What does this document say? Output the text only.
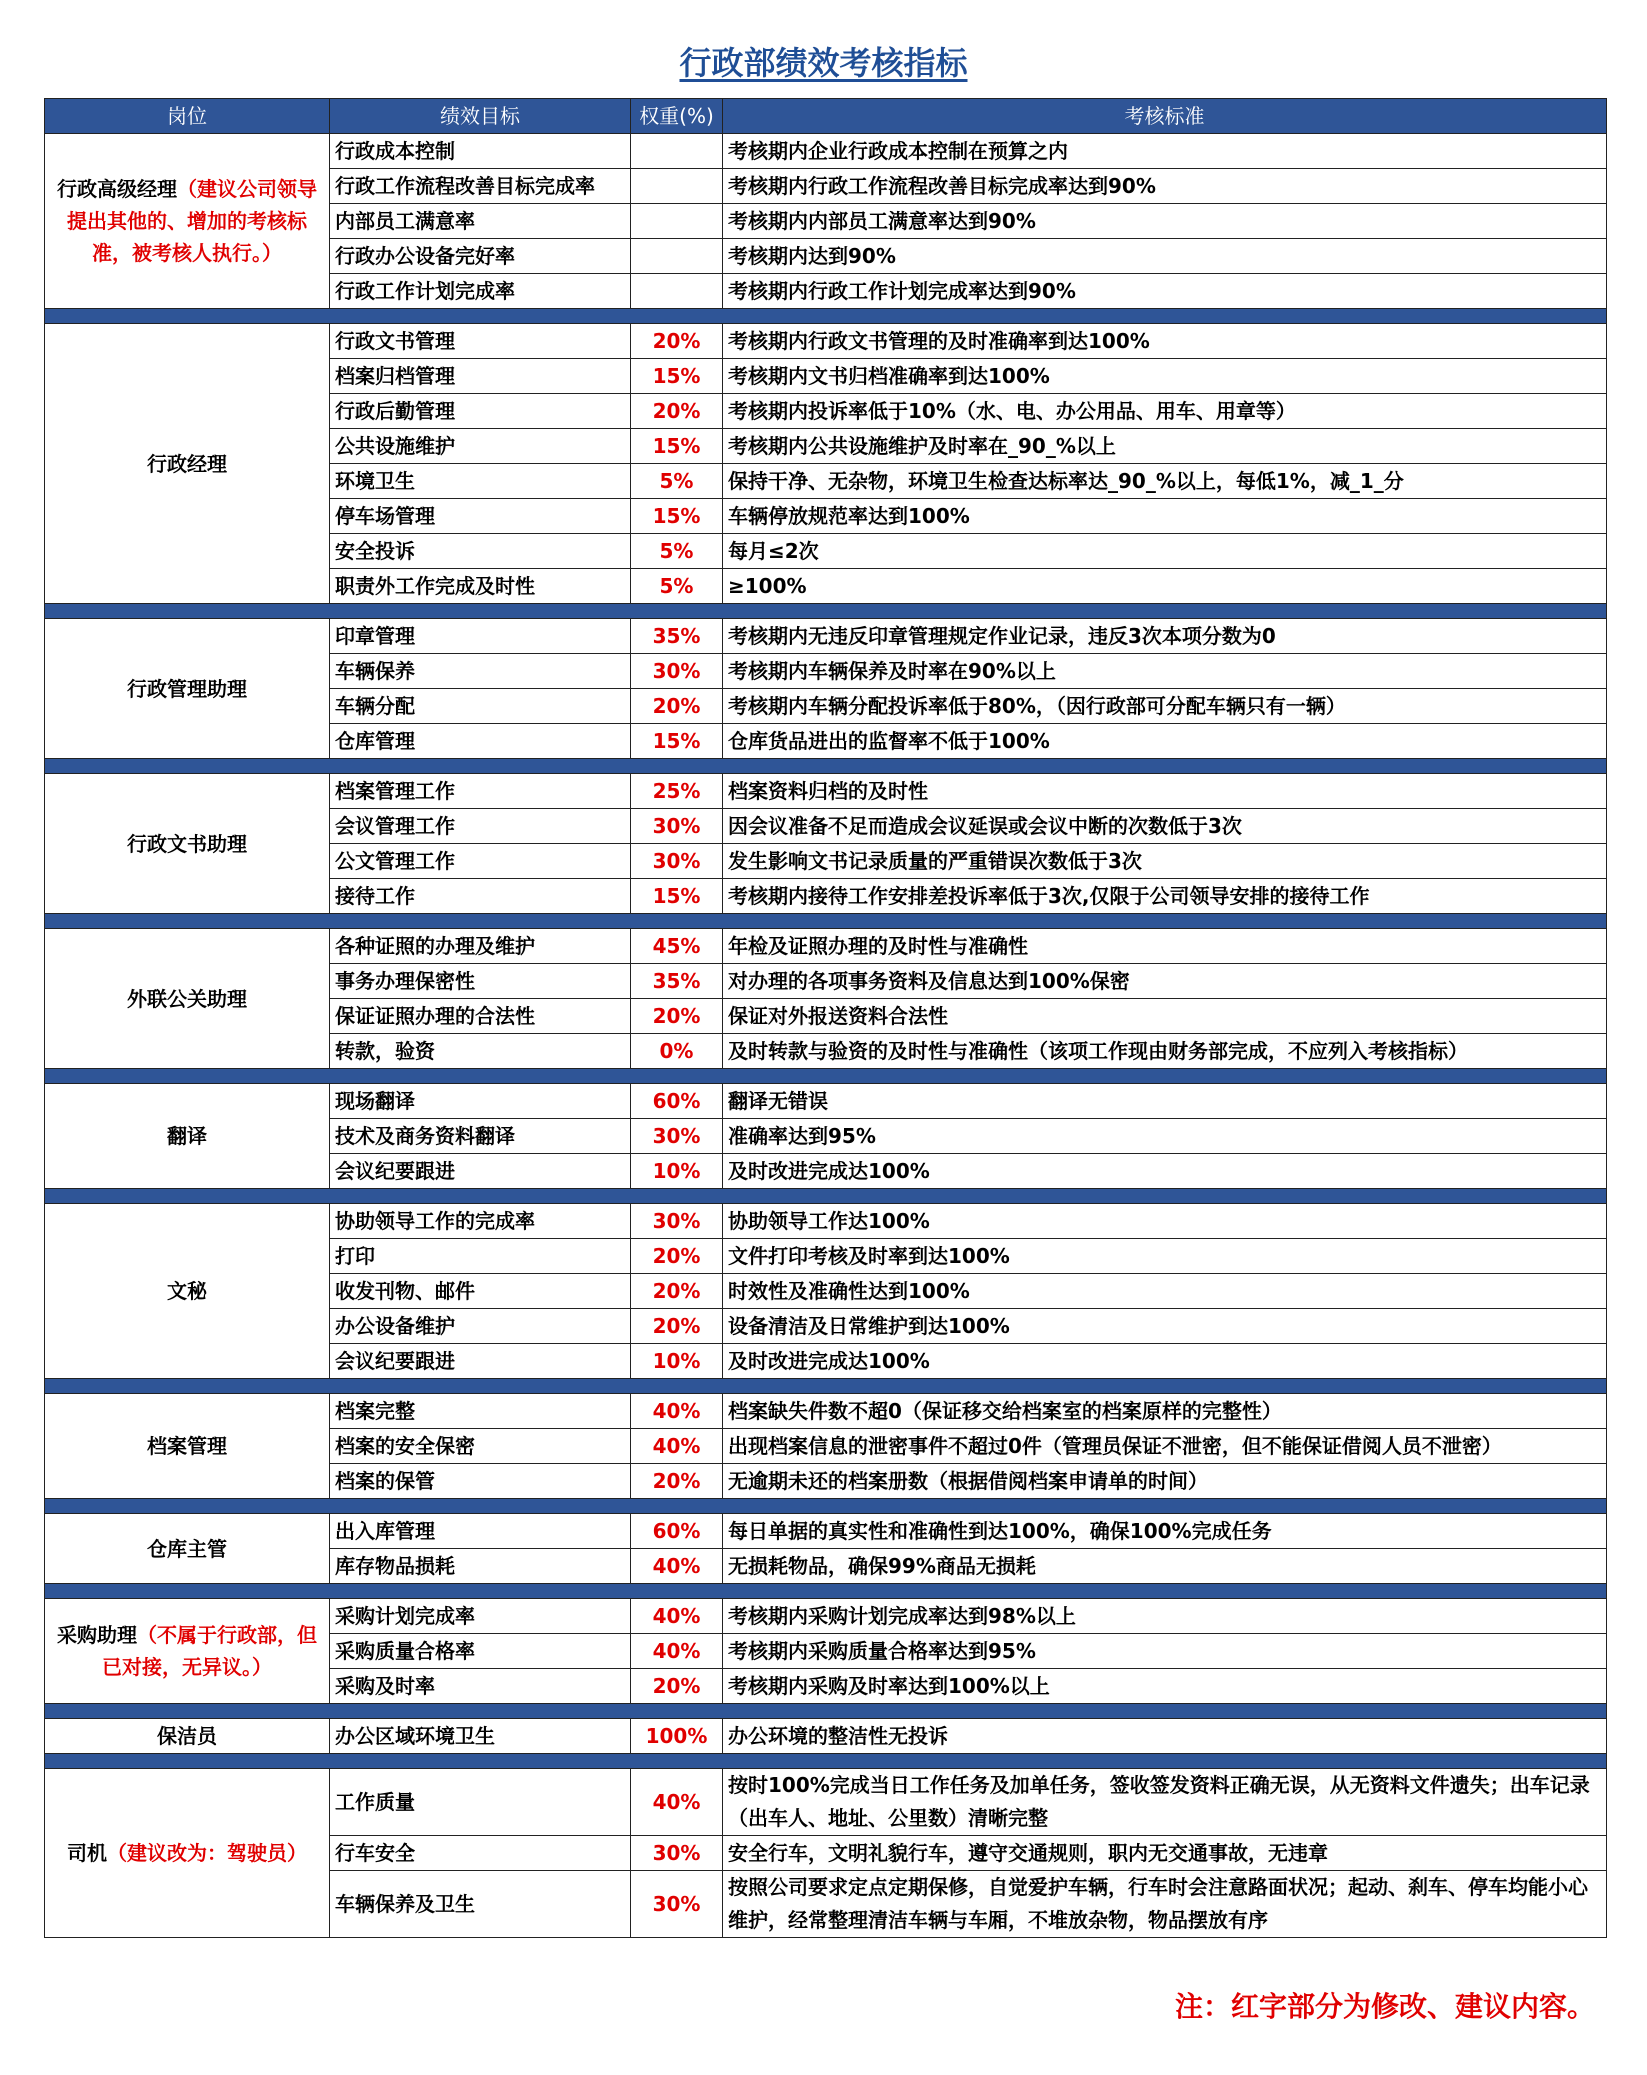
行政部绩效考核指标
岗位	绩效目标	权重(%)	考核标准
行政高级经理（建议公司领导提出其他的、增加的考核标准，被考核人执行。）	行政成本控制		考核期内企业行政成本控制在预算之内
	行政工作流程改善目标完成率		考核期内行政工作流程改善目标完成率达到90%
	内部员工满意率		考核期内内部员工满意率达到90%
	行政办公设备完好率		考核期内达到90%
	行政工作计划完成率		考核期内行政工作计划完成率达到90%

行政经理	行政文书管理	20%	考核期内行政文书管理的及时准确率到达100%
	档案归档管理	15%	考核期内文书归档准确率到达100%
	行政后勤管理	20%	考核期内投诉率低于10%（水、电、办公用品、用车、用章等）
	公共设施维护	15%	考核期内公共设施维护及时率在_90_%以上
	环境卫生	5%	保持干净、无杂物，环境卫生检查达标率达_90_%以上，每低1%，减_1_分
	停车场管理	15%	车辆停放规范率达到100%
	安全投诉	5%	每月≤2次
	职责外工作完成及时性	5%	≥100%

行政管理助理	印章管理	35%	考核期内无违反印章管理规定作业记录，违反3次本项分数为0
	车辆保养	30%	考核期内车辆保养及时率在90%以上
	车辆分配	20%	考核期内车辆分配投诉率低于80%，（因行政部可分配车辆只有一辆）
	仓库管理	15%	仓库货品进出的监督率不低于100%

行政文书助理	档案管理工作	25%	档案资料归档的及时性
	会议管理工作	30%	因会议准备不足而造成会议延误或会议中断的次数低于3次
	公文管理工作	30%	发生影响文书记录质量的严重错误次数低于3次
	接待工作	15%	考核期内接待工作安排差投诉率低于3次,仅限于公司领导安排的接待工作

外联公关助理	各种证照的办理及维护	45%	年检及证照办理的及时性与准确性
	事务办理保密性	35%	对办理的各项事务资料及信息达到100%保密
	保证证照办理的合法性	20%	保证对外报送资料合法性
	转款，验资	0%	及时转款与验资的及时性与准确性（该项工作现由财务部完成，不应列入考核指标）

翻译	现场翻译	60%	翻译无错误
	技术及商务资料翻译	30%	准确率达到95%
	会议纪要跟进	10%	及时改进完成达100%

文秘	协助领导工作的完成率	30%	协助领导工作达100%
	打印	20%	文件打印考核及时率到达100%
	收发刊物、邮件	20%	时效性及准确性达到100%
	办公设备维护	20%	设备清洁及日常维护到达100%
	会议纪要跟进	10%	及时改进完成达100%

档案管理	档案完整	40%	档案缺失件数不超0（保证移交给档案室的档案原样的完整性）
	档案的安全保密	40%	出现档案信息的泄密事件不超过0件（管理员保证不泄密，但不能保证借阅人员不泄密）
	档案的保管	20%	无逾期未还的档案册数（根据借阅档案申请单的时间）

仓库主管	出入库管理	60%	每日单据的真实性和准确性到达100%，确保100%完成任务
	库存物品损耗	40%	无损耗物品，确保99%商品无损耗

采购助理（不属于行政部，但已对接，无异议。）	采购计划完成率	40%	考核期内采购计划完成率达到98%以上
	采购质量合格率	40%	考核期内采购质量合格率达到95%
	采购及时率	20%	考核期内采购及时率达到100%以上

保洁员	办公区域环境卫生	100%	办公环境的整洁性无投诉

司机（建议改为：驾驶员）	工作质量	40%	按时100%完成当日工作任务及加单任务，签收签发资料正确无误，从无资料文件遗失；出车记录（出车人、地址、公里数）清晰完整
	行车安全	30%	安全行车，文明礼貌行车，遵守交通规则，职内无交通事故，无违章
	车辆保养及卫生	30%	按照公司要求定点定期保修，自觉爱护车辆，行车时会注意路面状况；起动、刹车、停车均能小心维护，经常整理清洁车辆与车厢，不堆放杂物，物品摆放有序
注：红字部分为修改、建议内容。
